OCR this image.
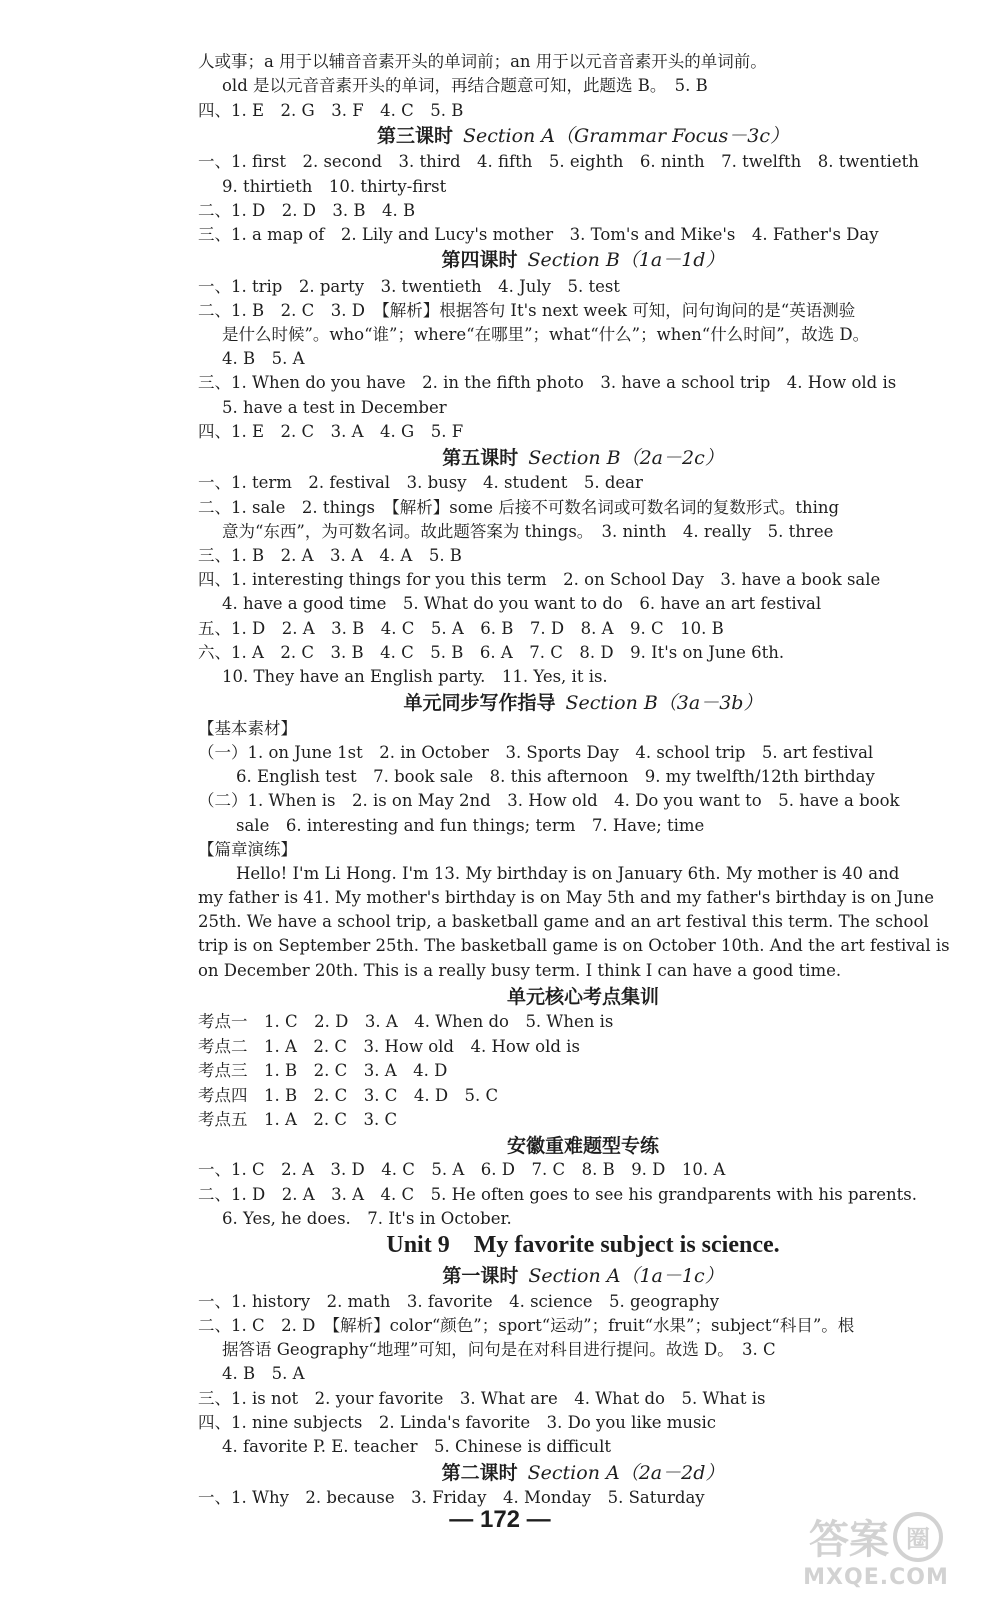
人或事；a 用于以辅音音素开头的单词前；an 用于以元音音素开头的单词前。
old 是以元音音素开头的单词，再结合题意可知，此题选 B。　5. B
四、1. E　2. G　3. F　4. C　5. B
第三课时 Section A（Grammar Focus－3c）
一、1. first　2. second　3. third　4. fifth　5. eighth　6. ninth　7. twelfth　8. twentieth
9. thirtieth　10. thirty-first
二、1. D　2. D　3. B　4. B
三、1. a map of　2. Lily and Lucy's mother　3. Tom's and Mike's　4. Father's Day
第四课时 Section B（1a－1d）
一、1. trip　2. party　3. twentieth　4. July　5. test
二、1. B　2. C　3. D　【解析】根据答句 It's next week 可知，问句询问的是“英语测验
是什么时候”。who“谁”；where“在哪里”；what“什么”；when“什么时间”，故选 D。
4. B　5. A
三、1. When do you have　2. in the fifth photo　3. have a school trip　4. How old is
5. have a test in December
四、1. E　2. C　3. A　4. G　5. F
第五课时 Section B（2a－2c）
一、1. term　2. festival　3. busy　4. student　5. dear
二、1. sale　2. things　【解析】some 后接不可数名词或可数名词的复数形式。thing
意为“东西”，为可数名词。故此题答案为 things。　3. ninth　4. really　5. three
三、1. B　2. A　3. A　4. A　5. B
四、1. interesting things for you this term　2. on School Day　3. have a book sale
4. have a good time　5. What do you want to do　6. have an art festival
五、1. D　2. A　3. B　4. C　5. A　6. B　7. D　8. A　9. C　10. B
六、1. A　2. C　3. B　4. C　5. B　6. A　7. C　8. D　9. It's on June 6th.
10. They have an English party.　11. Yes, it is.
单元同步写作指导 Section B（3a－3b）
【基本素材】
（一）1. on June 1st　2. in October　3. Sports Day　4. school trip　5. art festival
6. English test　7. book sale　8. this afternoon　9. my twelfth/12th birthday
（二）1. When is　2. is on May 2nd　3. How old　4. Do you want to　5. have a book
sale　6. interesting and fun things; term　7. Have; time
【篇章演练】
Hello! I'm Li Hong. I'm 13. My birthday is on January 6th. My mother is 40 and
my father is 41. My mother's birthday is on May 5th and my father's birthday is on June
25th. We have a school trip, a basketball game and an art festival this term. The school
trip is on September 25th. The basketball game is on October 10th. And the art festival is
on December 20th. This is a really busy term. I think I can have a good time.
单元核心考点集训
考点一　1. C　2. D　3. A　4. When do　5. When is
考点二　1. A　2. C　3. How old　4. How old is
考点三　1. B　2. C　3. A　4. D
考点四　1. B　2. C　3. C　4. D　5. C
考点五　1. A　2. C　3. C
安徽重难题型专练
一、1. C　2. A　3. D　4. C　5. A　6. D　7. C　8. B　9. D　10. A
二、1. D　2. A　3. A　4. C　5. He often goes to see his grandparents with his parents.
6. Yes, he does.　7. It's in October.
Unit 9　My favorite subject is science.
第一课时 Section A（1a－1c）
一、1. history　2. math　3. favorite　4. science　5. geography
二、1. C　2. D　【解析】color“颜色”；sport“运动”；fruit“水果”；subject“科目”。根
据答语 Geography“地理”可知，问句是在对科目进行提问。故选 D。　3. C
4. B　5. A
三、1. is not　2. your favorite　3. What are　4. What do　5. What is
四、1. nine subjects　2. Linda's favorite　3. Do you like music
4. favorite P. E. teacher　5. Chinese is difficult
第二课时 Section A（2a－2d）
一、1. Why　2. because　3. Friday　4. Monday　5. Saturday
— 172 —	答案 圈
MXQE.COM
